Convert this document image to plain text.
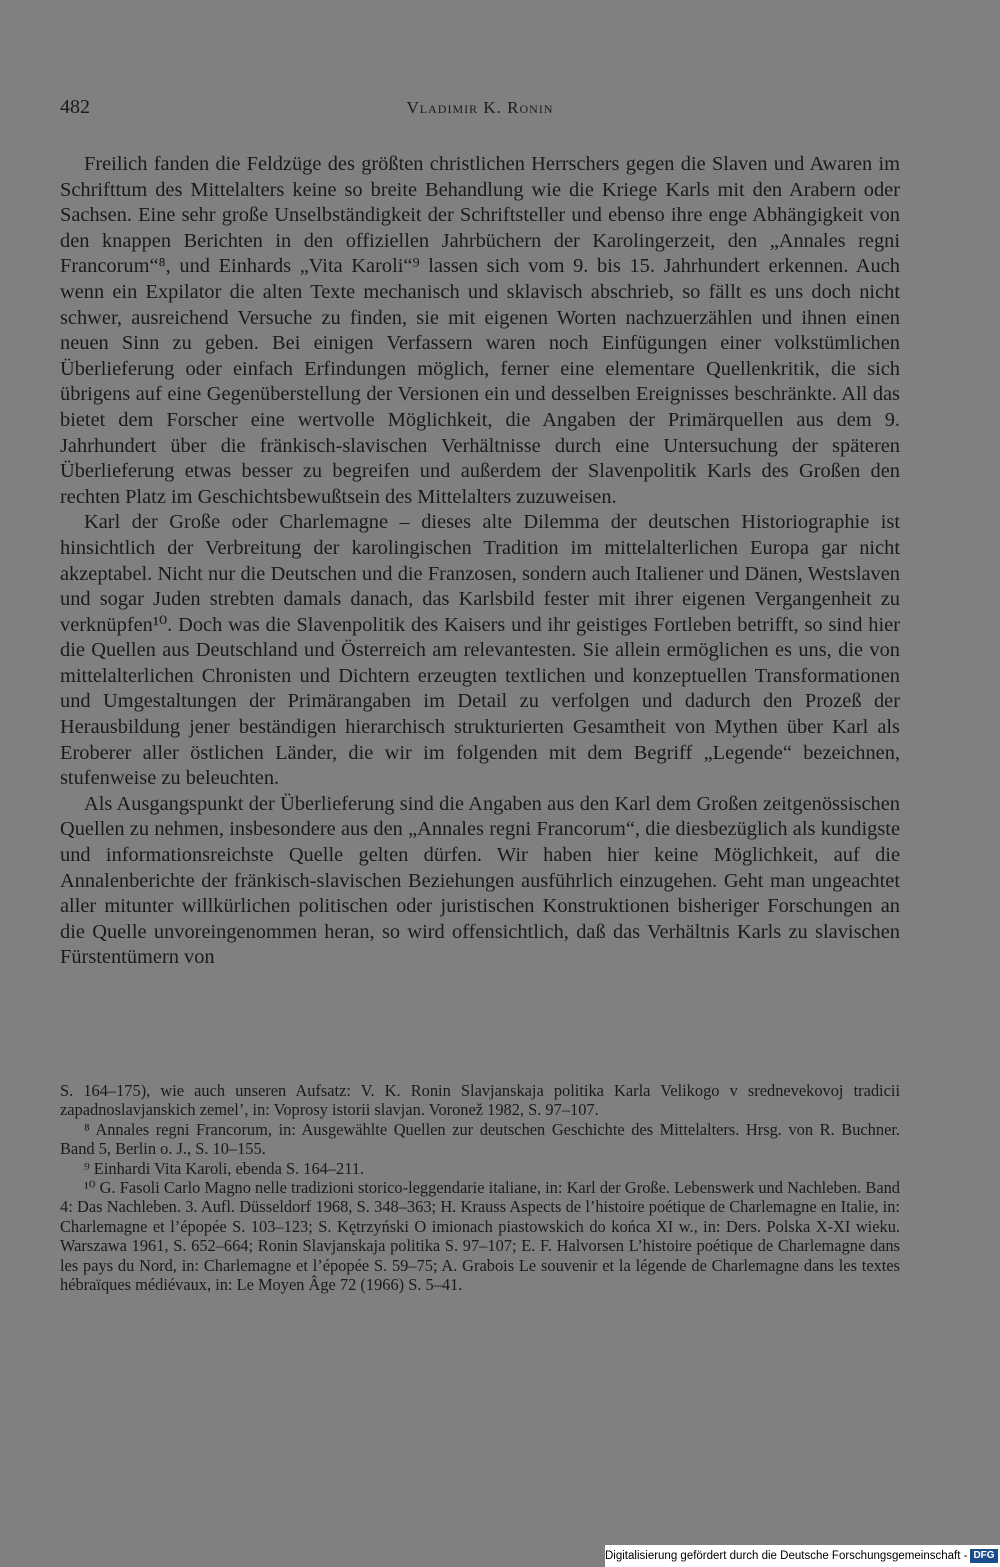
482	Vladimir K. Ronin

Freilich fanden die Feldzüge des größten christlichen Herrschers gegen die Slaven und Awaren im Schrifttum des Mittelalters keine so breite Behandlung wie die Kriege Karls mit den Arabern oder Sachsen. Eine sehr große Unselbständigkeit der Schriftsteller und ebenso ihre enge Abhängigkeit von den knappen Berichten in den offiziellen Jahrbüchern der Karolingerzeit, den „Annales regni Francorum“⁸, und Einhards „Vita Karoli“⁹ lassen sich vom 9. bis 15. Jahrhundert erkennen. Auch wenn ein Expilator die alten Texte mechanisch und sklavisch abschrieb, so fällt es uns doch nicht schwer, ausreichend Versuche zu finden, sie mit eigenen Worten nachzuerzählen und ihnen einen neuen Sinn zu geben. Bei einigen Verfassern waren noch Einfügungen einer volkstümlichen Überlieferung oder einfach Erfindungen möglich, ferner eine elementare Quellenkritik, die sich übrigens auf eine Gegenüberstellung der Versionen ein und desselben Ereignisses beschränkte. All das bietet dem Forscher eine wertvolle Möglichkeit, die Angaben der Primärquellen aus dem 9. Jahrhundert über die fränkisch-slavischen Verhältnisse durch eine Untersuchung der späteren Überlieferung etwas besser zu begreifen und außerdem der Slavenpolitik Karls des Großen den rechten Platz im Geschichtsbewußtsein des Mittelalters zuzuweisen.

Karl der Große oder Charlemagne – dieses alte Dilemma der deutschen Historiographie ist hinsichtlich der Verbreitung der karolingischen Tradition im mittelalterlichen Europa gar nicht akzeptabel. Nicht nur die Deutschen und die Franzosen, sondern auch Italiener und Dänen, Westslaven und sogar Juden strebten damals danach, das Karlsbild fester mit ihrer eigenen Vergangenheit zu verknüpfen¹⁰. Doch was die Slavenpolitik des Kaisers und ihr geistiges Fortleben betrifft, so sind hier die Quellen aus Deutschland und Österreich am relevantesten. Sie allein ermöglichen es uns, die von mittelalterlichen Chronisten und Dichtern erzeugten textlichen und konzeptuellen Transformationen und Umgestaltungen der Primärangaben im Detail zu verfolgen und dadurch den Prozeß der Herausbildung jener beständigen hierarchisch strukturierten Gesamtheit von Mythen über Karl als Eroberer aller östlichen Länder, die wir im folgenden mit dem Begriff „Legende“ bezeichnen, stufenweise zu beleuchten.

Als Ausgangspunkt der Überlieferung sind die Angaben aus den Karl dem Großen zeitgenössischen Quellen zu nehmen, insbesondere aus den „Annales regni Francorum“, die diesbezüglich als kundigste und informationsreichste Quelle gelten dürfen. Wir haben hier keine Möglichkeit, auf die Annalenberichte der fränkisch-slavischen Beziehungen ausführlich einzugehen. Geht man ungeachtet aller mitunter willkürlichen politischen oder juristischen Konstruktionen bisheriger Forschungen an die Quelle unvoreingenommen heran, so wird offensichtlich, daß das Verhältnis Karls zu slavischen Fürstentümern von

S. 164–175), wie auch unseren Aufsatz: V. K. Ronin Slavjanskaja politika Karla Velikogo v srednevekovoj tradicii zapadnoslavjanskich zemel’, in: Voprosy istorii slavjan. Voronež 1982, S. 97–107.

⁸ Annales regni Francorum, in: Ausgewählte Quellen zur deutschen Geschichte des Mittelalters. Hrsg. von R. Buchner. Band 5, Berlin o. J., S. 10–155.

⁹ Einhardi Vita Karoli, ebenda S. 164–211.

¹⁰ G. Fasoli Carlo Magno nelle tradizioni storico-leggendarie italiane, in: Karl der Große. Lebenswerk und Nachleben. Band 4: Das Nachleben. 3. Aufl. Düsseldorf 1968, S. 348–363; H. Krauss Aspects de l’histoire poétique de Charlemagne en Italie, in: Charlemagne et l’épopée S. 103–123; S. Kętrzyński O imionach piastowskich do końca XI w., in: Ders. Polska X-XI wieku. Warszawa 1961, S. 652–664; Ronin Slavjanskaja politika S. 97–107; E. F. Halvorsen L’histoire poétique de Charlemagne dans les pays du Nord, in: Charlemagne et l’épopée S. 59–75; A. Grabois Le souvenir et la légende de Charlemagne dans les textes hébraïques médiévaux, in: Le Moyen Âge 72 (1966) S. 5–41.

Digitalisierung gefördert durch die Deutsche Forschungsgemeinschaft - DFG
